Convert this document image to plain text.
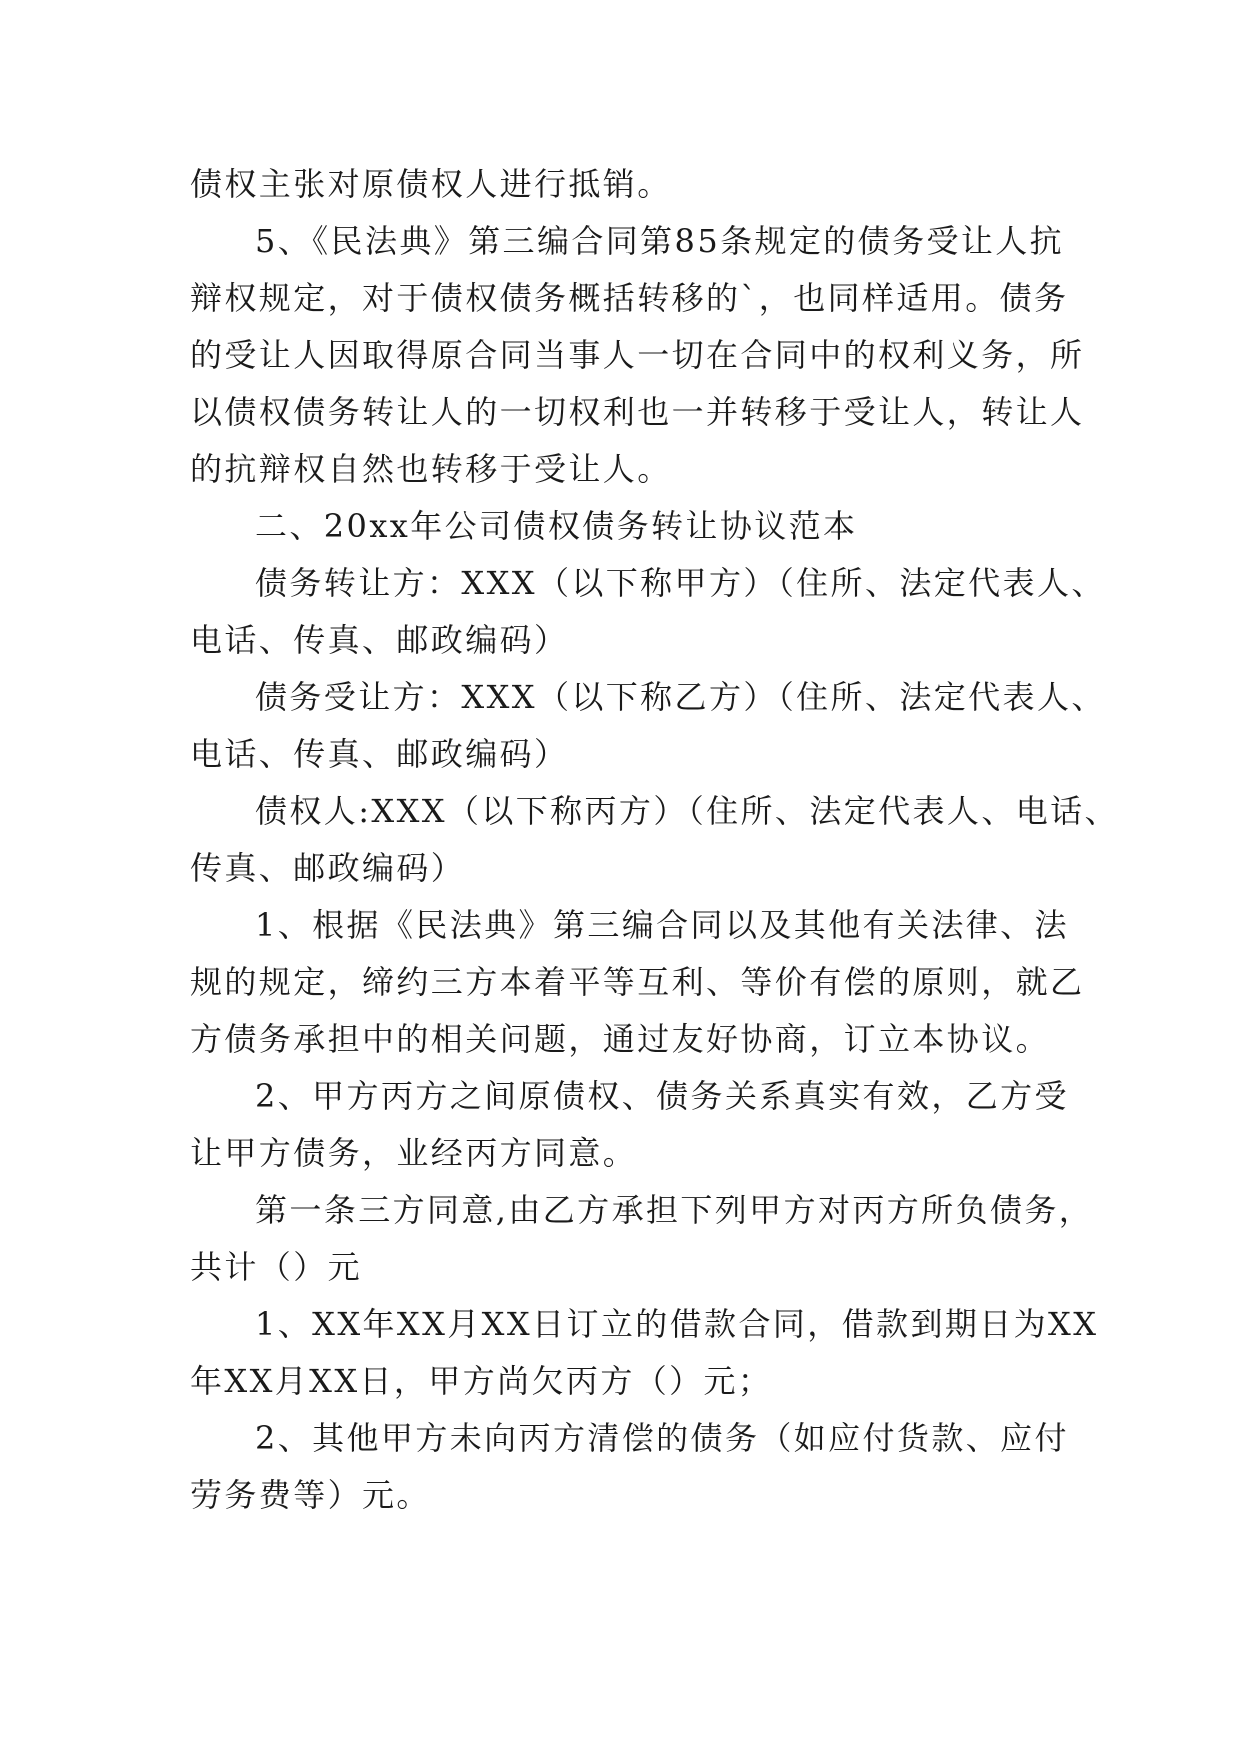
债权主张对原债权人进行抵销。

5、《民法典》第三编合同第85条规定的债务受让人抗

辩权规定，对于债权债务概括转移的`，也同样适用。债务

的受让人因取得原合同当事人一切在合同中的权利义务，所

以债权债务转让人的一切权利也一并转移于受让人，转让人

的抗辩权自然也转移于受让人。

二、20xx年公司债权债务转让协议范本

债务转让方：XXX（以下称甲方）（住所、法定代表人、

电话、传真、邮政编码）

债务受让方：XXX（以下称乙方）（住所、法定代表人、

电话、传真、邮政编码）

债权人:XXX（以下称丙方）（住所、法定代表人、电话、

传真、邮政编码）

1、根据《民法典》第三编合同以及其他有关法律、法

规的规定，缔约三方本着平等互利、等价有偿的原则，就乙

方债务承担中的相关问题，通过友好协商，订立本协议。

2、甲方丙方之间原债权、债务关系真实有效，乙方受

让甲方债务，业经丙方同意。

第一条三方同意,由乙方承担下列甲方对丙方所负债务，

共计（）元

1、XX年XX月XX日订立的借款合同，借款到期日为XX

年XX月XX日，甲方尚欠丙方（）元；

2、其他甲方未向丙方清偿的债务（如应付货款、应付

劳务费等）元。
